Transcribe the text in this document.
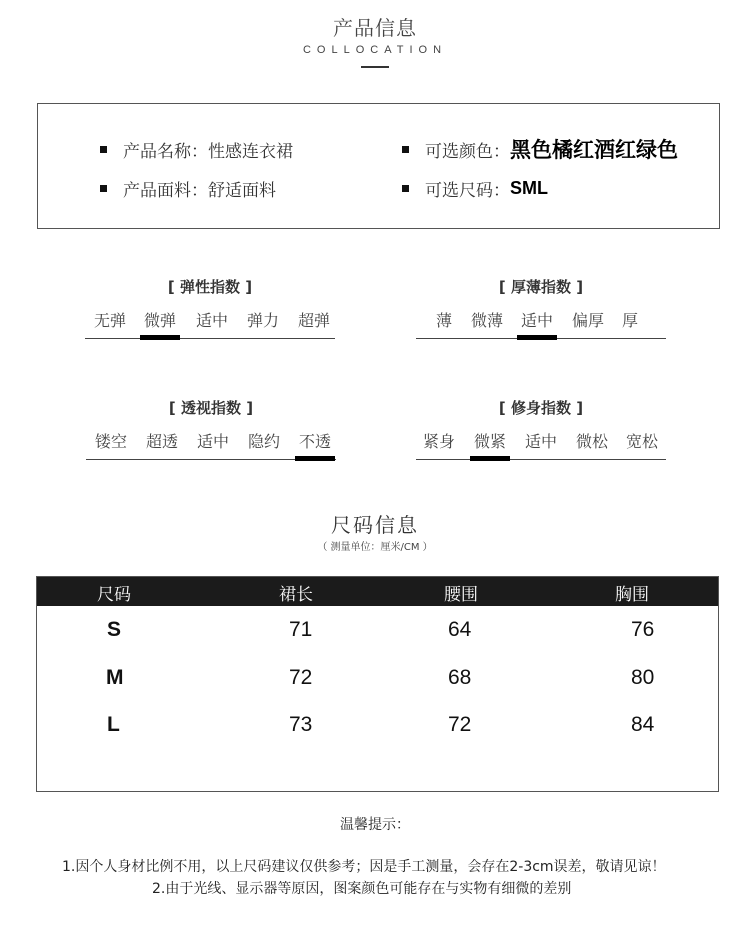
产品信息
COLLOCATION
产品名称： 性感连衣裙
产品面料： 舒适面料
可选颜色： 黑色橘红酒红绿色
可选尺码： SML
[ 弹性指数 ]
无弹	微弹	适中	弹力	超弹
[ 厚薄指数 ]
薄	微薄	适中	偏厚	厚
[ 透视指数 ]
镂空	超透	适中	隐约	不透
[ 修身指数 ]
紧身	微紧	适中	微松	宽松
尺码信息
（ 测量单位：厘米/CM ）
尺码	裙长	腰围	胸围
S	71	64	76
M	72	68	80
L	73	72	84
温馨提示：
1.因个人身材比例不用，以上尺码建议仅供参考；因是手工测量，会存在2-3cm误差，敬请见谅！
2.由于光线、显示器等原因，图案颜色可能存在与实物有细微的差别
